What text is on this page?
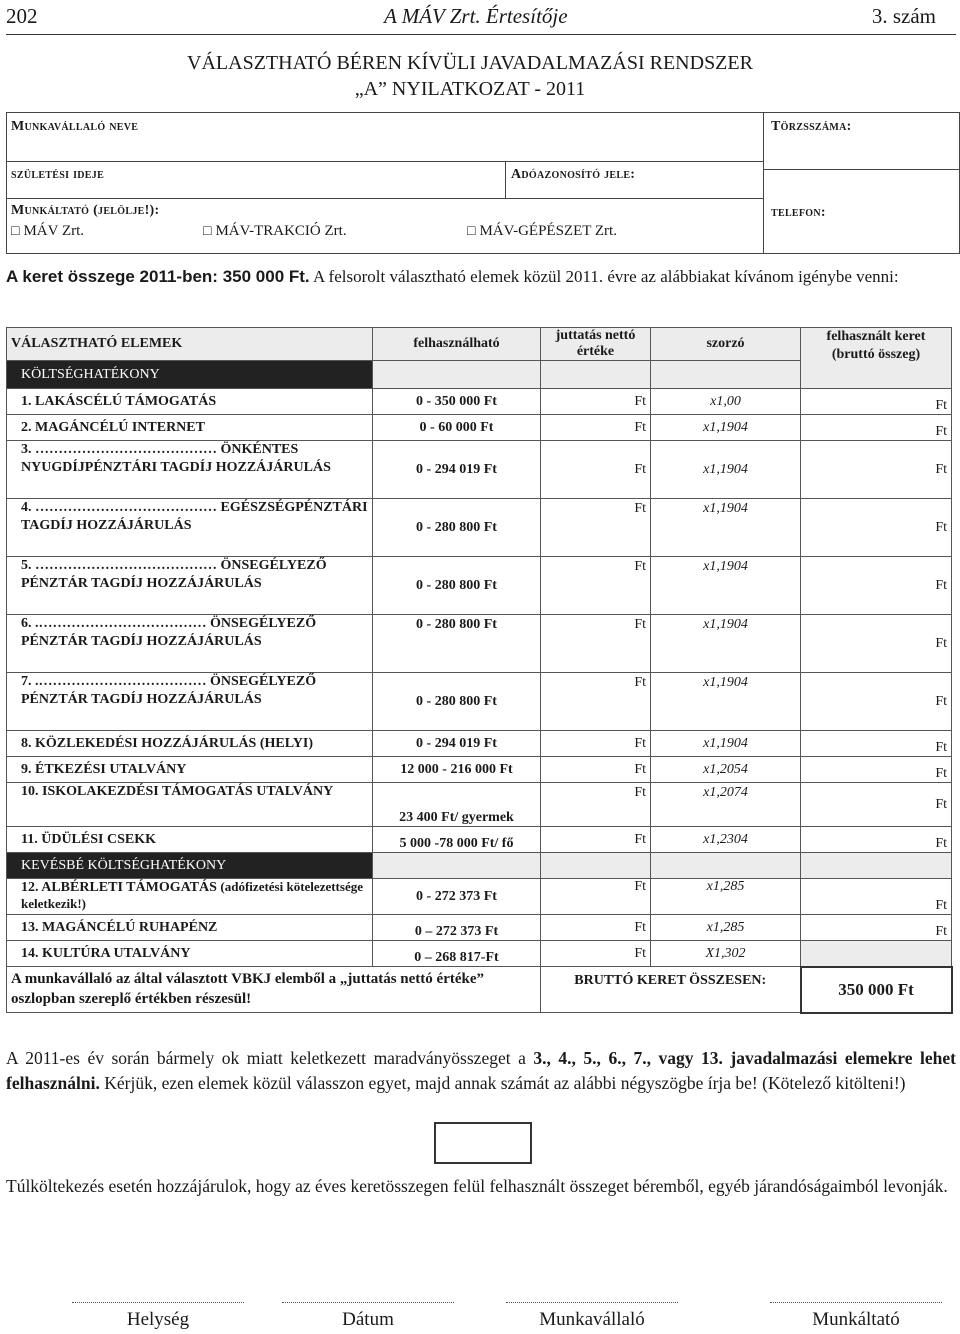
202	A MÁV Zrt. Értesítője	3. szám
VÁLASZTHATÓ BÉREN KÍVÜLI JAVADALMAZÁSI RENDSZER
„A” NYILATKOZAT - 2011
Munkavállaló neve	Törzsszáma:
születési ideje	Adóazonosító jele:
Munkáltató (jelölje!):	telefon:
□ MÁV Zrt.	□ MÁV-TRAKCIÓ Zrt.	□ MÁV-GÉPÉSZET Zrt.
A keret összege 2011-ben: 350 000 Ft. A felsorolt választható elemek közül 2011. évre az alábbiakat kívánom igénybe venni:
VÁLASZTHATÓ ELEMEK	felhasználható	juttatás nettó értéke	szorzó	felhasznált keret (bruttó összeg)
KÖLTSÉGHATÉKONY				
1. LAKÁSCÉLÚ TÁMOGATÁS	0 - 350 000 Ft	Ft	x1,00	Ft
2. MAGÁNCÉLÚ INTERNET	0 - 60 000 Ft	Ft	x1,1904	Ft
3. ………………………………… ÖNKÉNTES NYUGDÍJPÉNZTÁRI TAGDÍJ HOZZÁJÁRULÁS	0 - 294 019 Ft	Ft	x1,1904	Ft
4. ………………………………… EGÉSZSÉGPÉNZTÁRI TAGDÍJ HOZZÁJÁRULÁS	0 - 280 800 Ft	Ft	x1,1904	Ft
5. ………………………………… ÖNSEGÉLYEZŐ PÉNZTÁR TAGDÍJ HOZZÁJÁRULÁS	0 - 280 800 Ft	Ft	x1,1904	Ft
6. .……………………………… ÖNSEGÉLYEZŐ PÉNZTÁR TAGDÍJ HOZZÁJÁRULÁS	0 - 280 800 Ft	Ft	x1,1904	Ft
7. .……………………………… ÖNSEGÉLYEZŐ PÉNZTÁR TAGDÍJ HOZZÁJÁRULÁS	0 - 280 800 Ft	Ft	x1,1904	Ft
8. KÖZLEKEDÉSI HOZZÁJÁRULÁS (HELYI)	0 - 294 019 Ft	Ft	x1,1904	Ft
9. ÉTKEZÉSI UTALVÁNY	12 000 - 216 000 Ft	Ft	x1,2054	Ft
10. ISKOLAKEZDÉSI TÁMOGATÁS UTALVÁNY	23 400 Ft/ gyermek	Ft	x1,2074	Ft
11. ÜDÜLÉSI CSEKK	5 000 -78 000 Ft/ fő	Ft	x1,2304	Ft
KEVÉSBÉ KÖLTSÉGHATÉKONY				
12. ALBÉRLETI TÁMOGATÁS (adófizetési kötelezettsége keletkezik!)	0 - 272 373 Ft	Ft	x1,285	Ft
13. MAGÁNCÉLÚ RUHAPÉNZ	0 – 272 373 Ft	Ft	x1,285	Ft
14. KULTÚRA UTALVÁNY	0 – 268 817-Ft	Ft	X1,302	
A munkavállaló az által választott VBKJ elemből a „juttatás nettó értéke” oszlopban szereplő értékben részesül!		BRUTTÓ KERET ÖSSZESEN:		350 000 Ft
A 2011-es év során bármely ok miatt keletkezett maradványösszeget a 3., 4., 5., 6., 7., vagy 13. javadalmazási elemekre lehet felhasználni. Kérjük, ezen elemek közül válasszon egyet, majd annak számát az alábbi négyszögbe írja be! (Kötelező kitölteni!)
Túlköltekezés esetén hozzájárulok, hogy az éves keretösszegen felül felhasznált összeget béremből, egyéb járandóságaimból levonják.
Helység	Dátum	Munkavállaló	Munkáltató
